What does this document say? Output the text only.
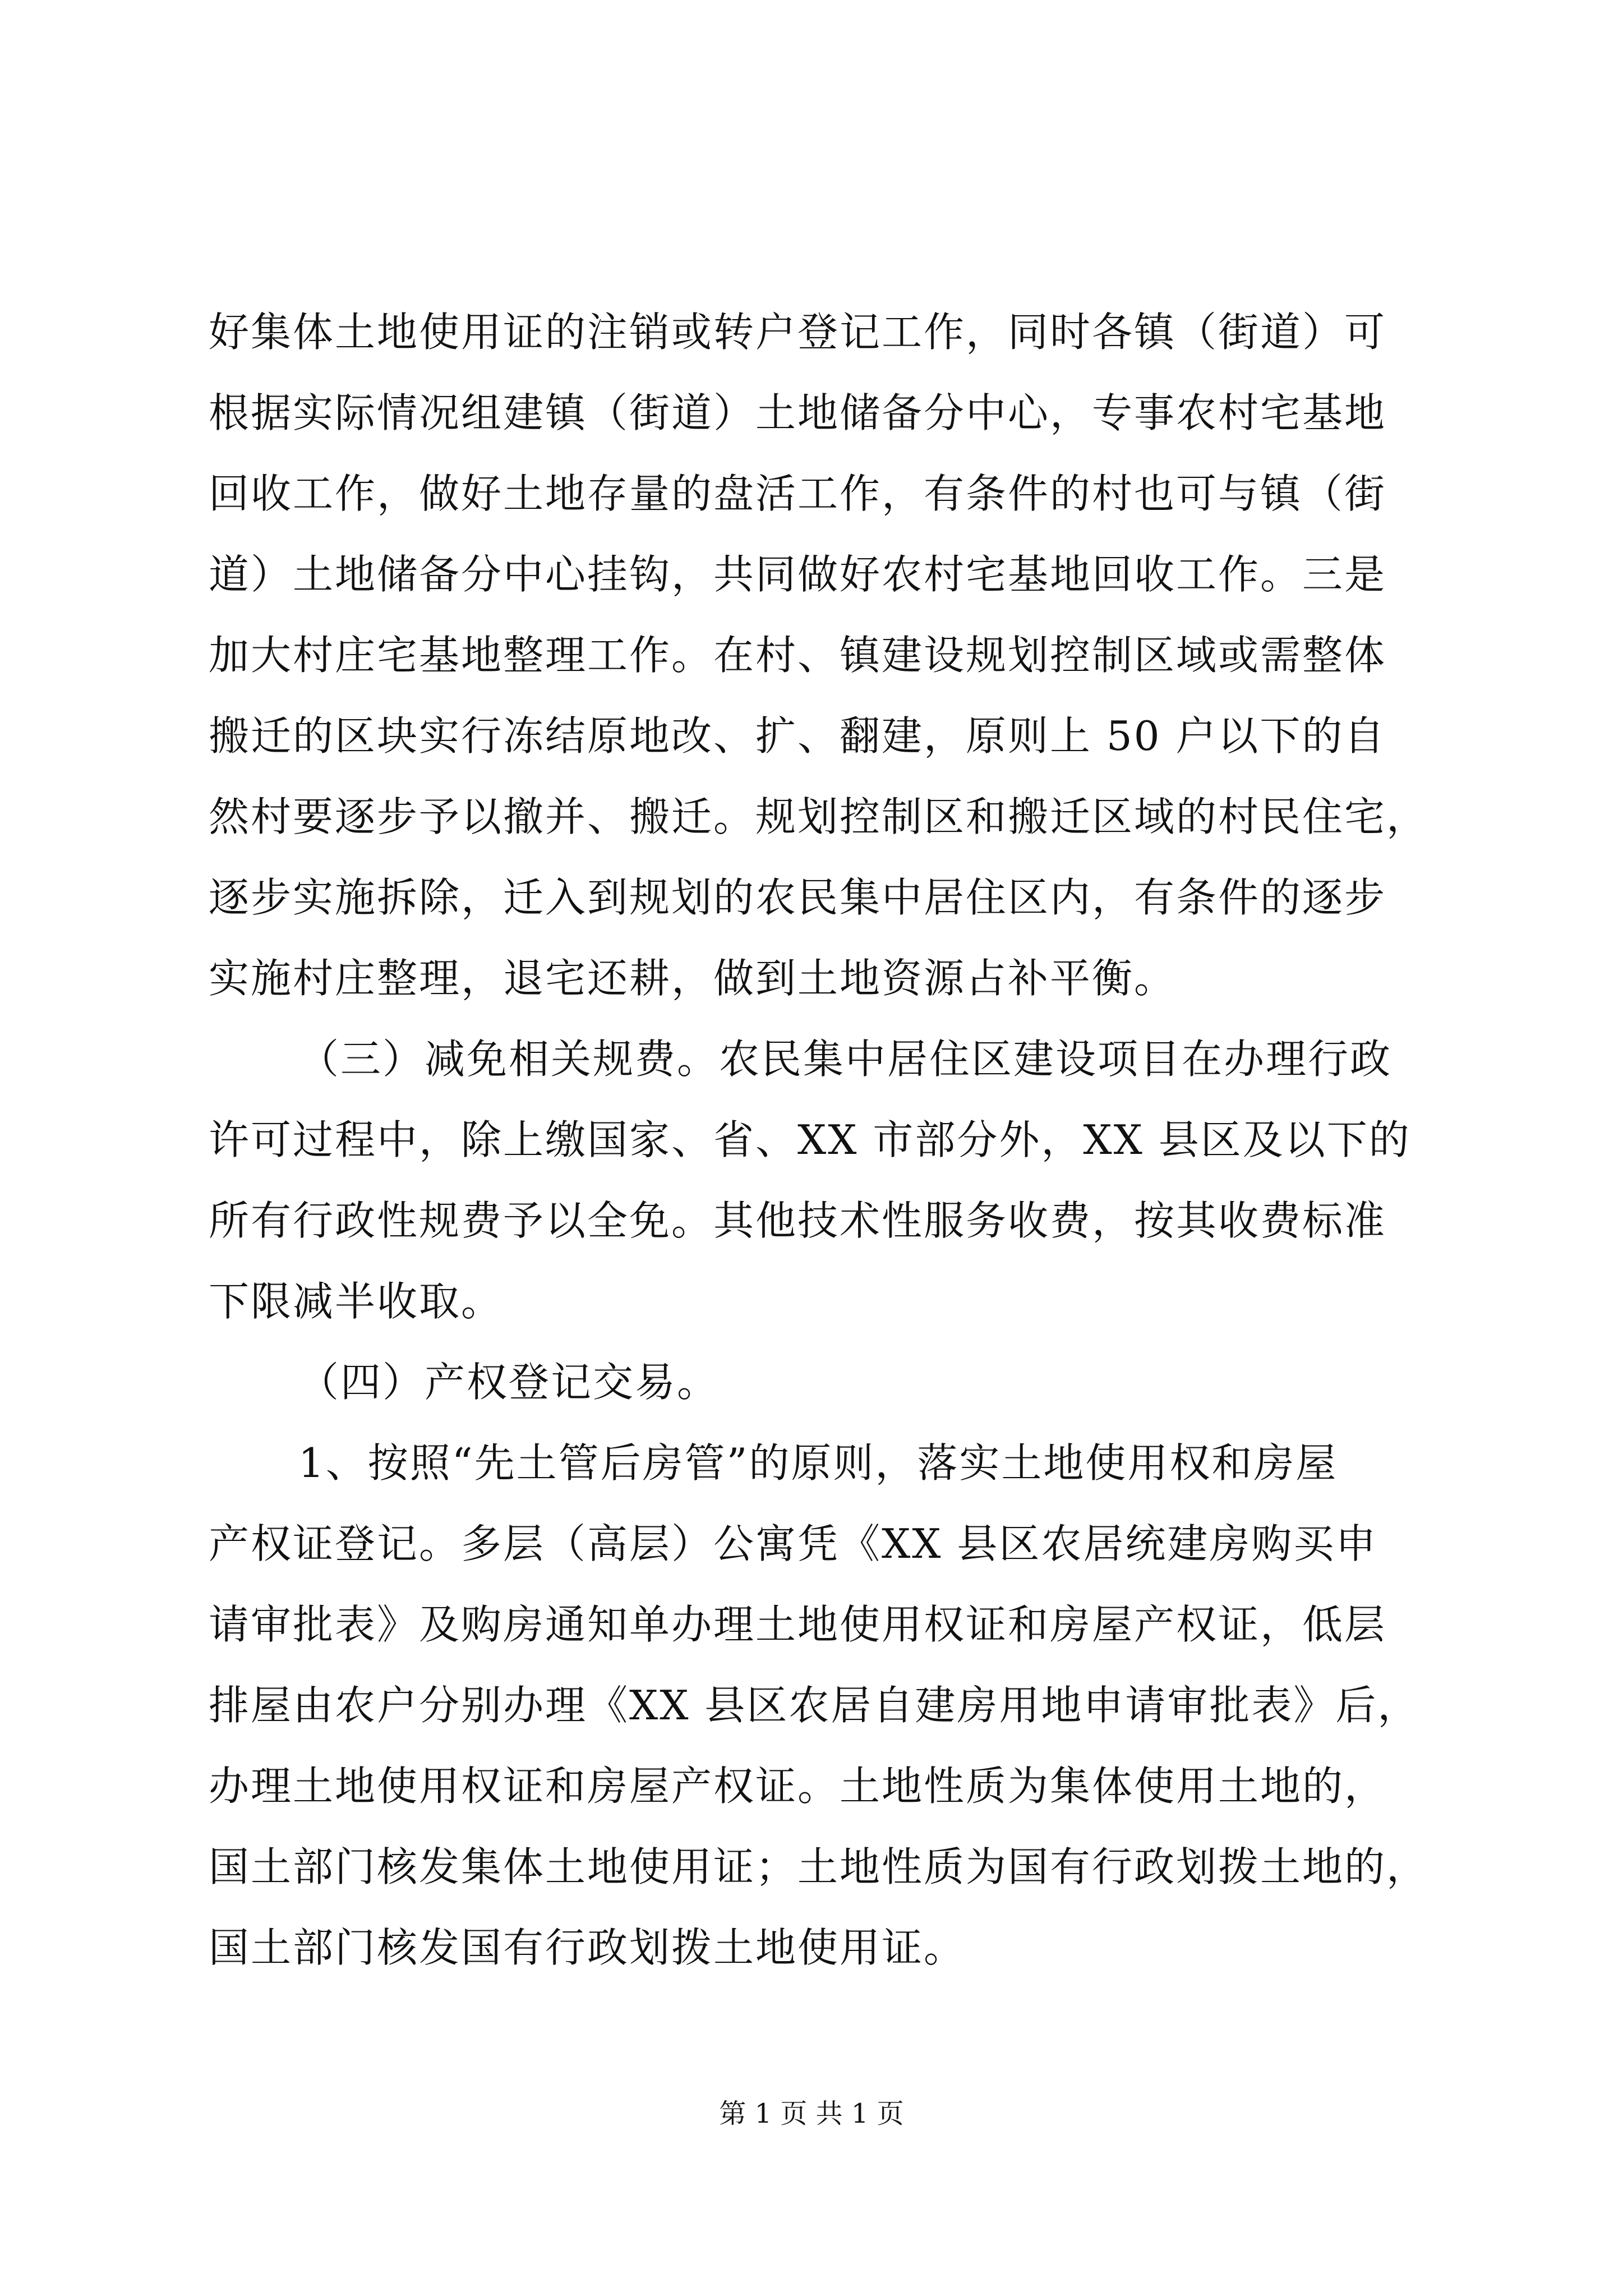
好集体土地使用证的注销或转户登记工作，同时各镇（街道）可
根据实际情况组建镇（街道）土地储备分中心，专事农村宅基地
回收工作，做好土地存量的盘活工作，有条件的村也可与镇（街
道）土地储备分中心挂钩，共同做好农村宅基地回收工作。三是
加大村庄宅基地整理工作。在村、镇建设规划控制区域或需整体
搬迁的区块实行冻结原地改、扩、翻建，原则上 50 户以下的自
然村要逐步予以撤并、搬迁。规划控制区和搬迁区域的村民住宅，
逐步实施拆除，迁入到规划的农民集中居住区内，有条件的逐步
实施村庄整理，退宅还耕，做到土地资源占补平衡。
（三）减免相关规费。农民集中居住区建设项目在办理行政
许可过程中，除上缴国家、省、XX 市部分外，XX 县区及以下的
所有行政性规费予以全免。其他技术性服务收费，按其收费标准
下限减半收取。
（四）产权登记交易。
1、按照“先土管后房管”的原则，落实土地使用权和房屋
产权证登记。多层（高层）公寓凭《XX 县区农居统建房购买申
请审批表》及购房通知单办理土地使用权证和房屋产权证，低层
排屋由农户分别办理《XX 县区农居自建房用地申请审批表》后，
办理土地使用权证和房屋产权证。土地性质为集体使用土地的，
国土部门核发集体土地使用证；土地性质为国有行政划拨土地的，
国土部门核发国有行政划拨土地使用证。
第 1 页 共 1 页
